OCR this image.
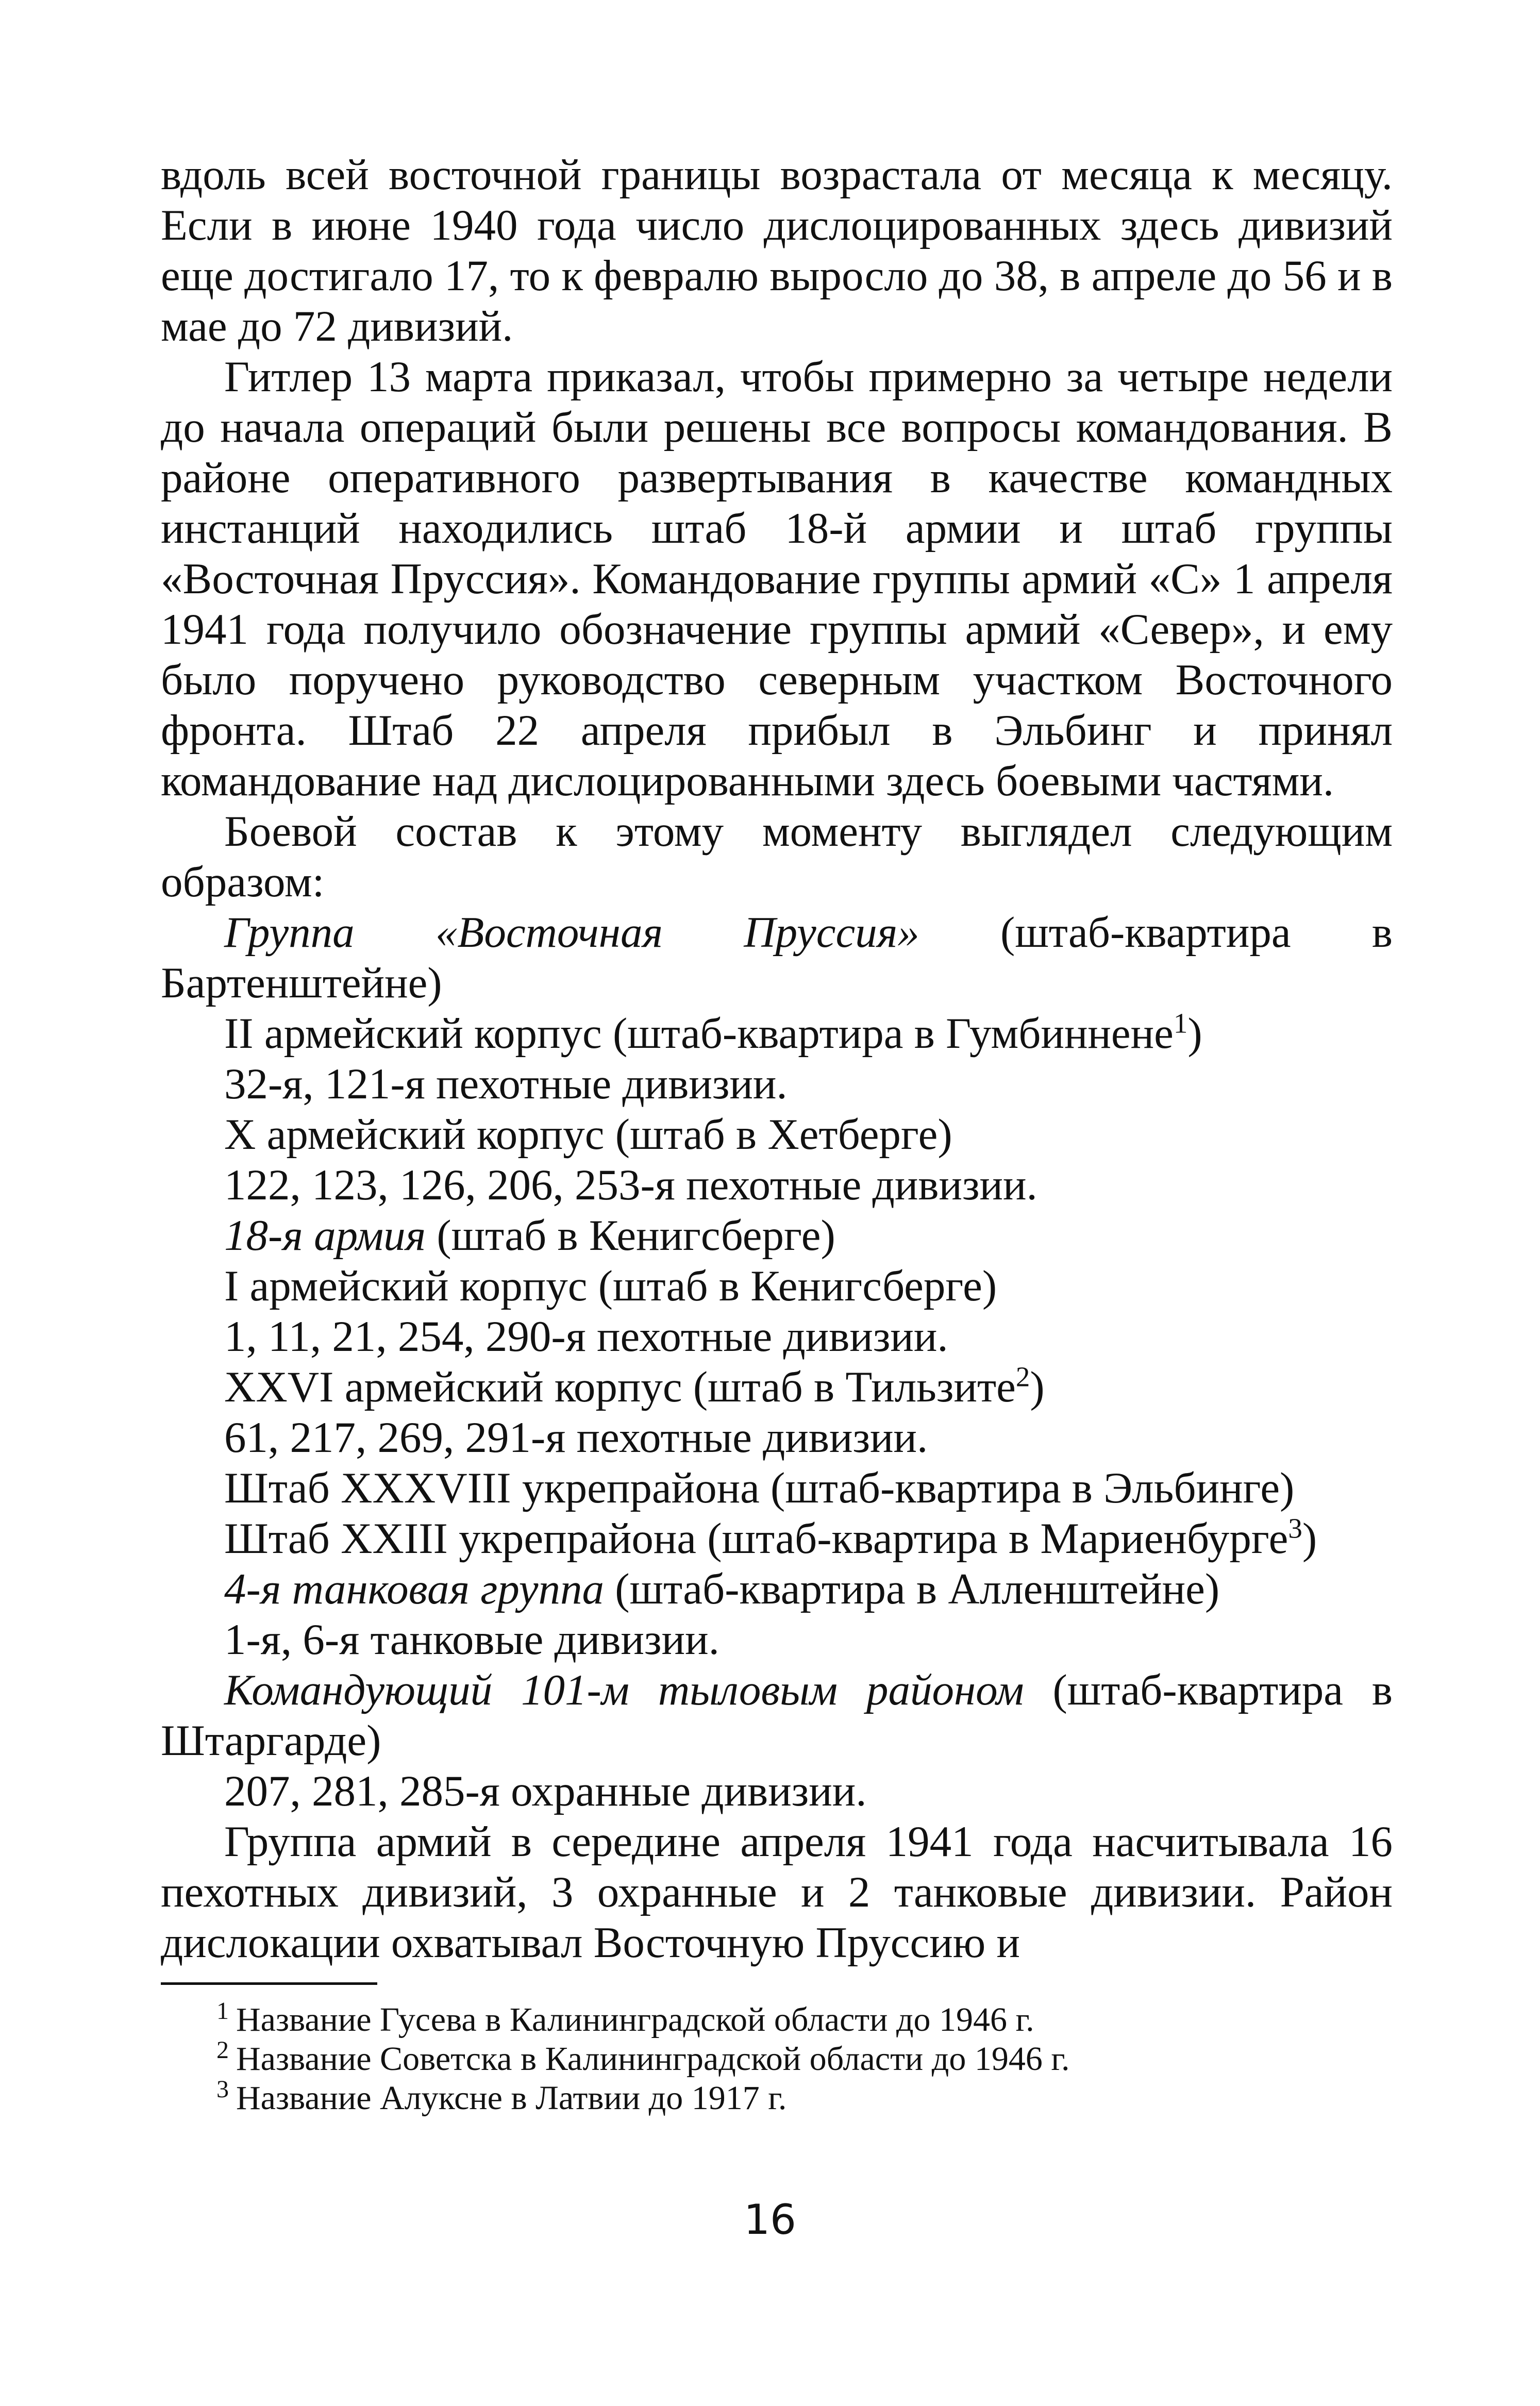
вдоль всей восточной границы возрастала от месяца к месяцу. Если в июне 1940 года число дислоцированных здесь дивизий еще достигало 17, то к февралю выросло до 38, в апреле до 56 и в мае до 72 дивизий.

Гитлер 13 марта приказал, чтобы примерно за четыре недели до начала операций были решены все вопросы командования. В районе оперативного развертывания в качестве командных инстанций находились штаб 18-й армии и штаб группы «Восточная Пруссия». Командование группы армий «С» 1 апреля 1941 года получило обозначение группы армий «Север», и ему было поручено руководство северным участком Восточного фронта. Штаб 22 апреля прибыл в Эльбинг и принял командование над дислоцированными здесь боевыми частями.

Боевой состав к этому моменту выглядел следующим образом:

Группа «Восточная Пруссия» (штаб-квартира в Бартенштейне)

II армейский корпус (штаб-квартира в Гумбиннене$^1$)

32-я, 121-я пехотные дивизии.

X армейский корпус (штаб в Хетберге)

122, 123, 126, 206, 253-я пехотные дивизии.

18-я армия (штаб в Кенигсберге)

I армейский корпус (штаб в Кенигсберге)

1, 11, 21, 254, 290-я пехотные дивизии.

XXVI армейский корпус (штаб в Тильзите$^2$)

61, 217, 269, 291-я пехотные дивизии.

Штаб XXXVIII укрепрайона (штаб-квартира в Эльбинге)

Штаб XXIII укрепрайона (штаб-квартира в Мариенбурге$^3$)

4-я танковая группа (штаб-квартира в Алленштейне)

1-я, 6-я танковые дивизии.

Командующий 101-м тыловым районом (штаб-квартира в Штаргарде)

207, 281, 285-я охранные дивизии.

Группа армий в середине апреля 1941 года насчитывала 16 пехотных дивизий, 3 охранные и 2 танковые дивизии. Район дислокации охватывал Восточную Пруссию и

$^1$ Название Гусева в Калининградской области до 1946 г.

$^2$ Название Советска в Калининградской области до 1946 г.

$^3$ Название Алуксне в Латвии до 1917 г.

16
